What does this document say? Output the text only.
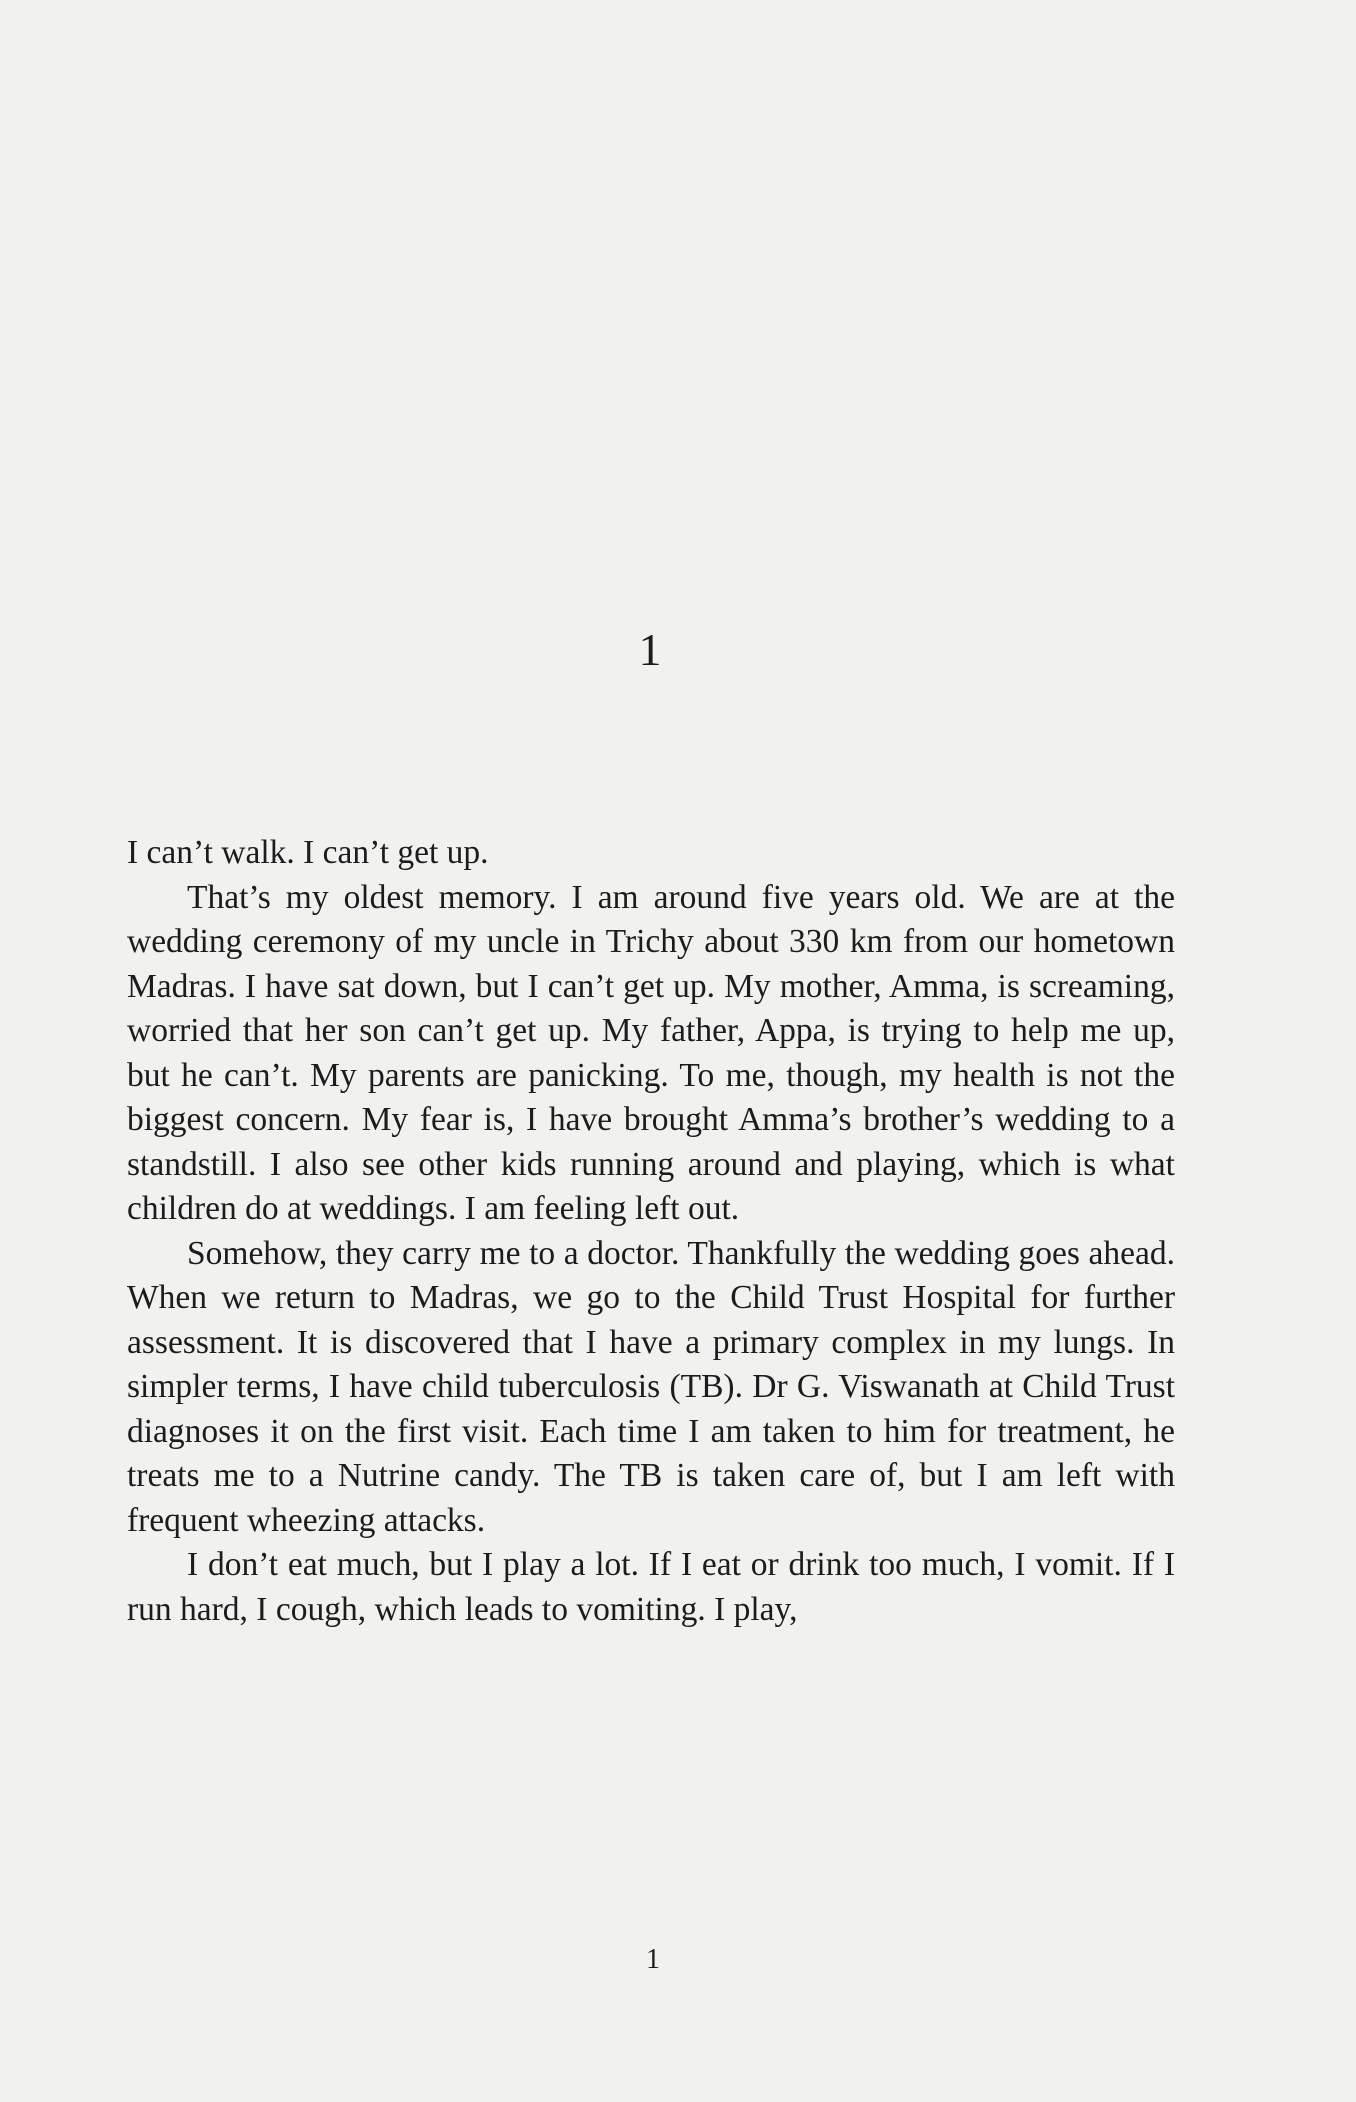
1

I can’t walk. I can’t get up.

That’s my oldest memory. I am around five years old. We are at the wedding ceremony of my uncle in Trichy about 330 km from our hometown Madras. I have sat down, but I can’t get up. My mother, Amma, is screaming, worried that her son can’t get up. My father, Appa, is trying to help me up, but he can’t. My parents are panicking. To me, though, my health is not the biggest concern. My fear is, I have brought Amma’s brother’s wedding to a standstill. I also see other kids running around and playing, which is what children do at weddings. I am feeling left out.

Somehow, they carry me to a doctor. Thankfully the wedding goes ahead. When we return to Madras, we go to the Child Trust Hospital for further assessment. It is discovered that I have a primary complex in my lungs. In simpler terms, I have child tuberculosis (TB). Dr G. Viswanath at Child Trust diagnoses it on the first visit. Each time I am taken to him for treatment, he treats me to a Nutrine candy. The TB is taken care of, but I am left with frequent wheezing attacks.

I don’t eat much, but I play a lot. If I eat or drink too much, I vomit. If I run hard, I cough, which leads to vomiting. I play,

1
